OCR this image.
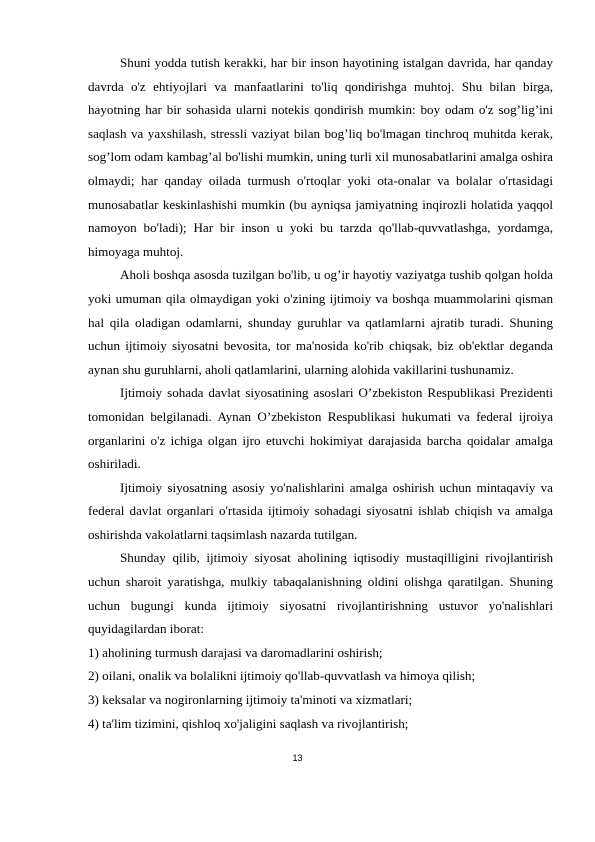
Shuni yodda tutish kerakki, har bir inson hayotining istalgan davrida, har qanday davrda o'z ehtiyojlari va manfaatlarini to'liq qondirishga muhtoj. Shu bilan birga, hayotning har bir sohasida ularni notekis qondirish mumkin: boy odam o'z sog’lig’ini saqlash va yaxshilash, stressli vaziyat bilan bog’liq bo'lmagan tinchroq muhitda kerak, sog’lom odam kambag’al bo'lishi mumkin, uning turli xil munosabatlarini amalga oshira olmaydi; har qanday oilada turmush o'rtoqlar yoki ota-onalar va bolalar o'rtasidagi munosabatlar keskinlashishi mumkin (bu ayniqsa jamiyatning inqirozli holatida yaqqol namoyon bo'ladi); Har bir inson u yoki bu tarzda qo'llab-quvvatlashga, yordamga, himoyaga muhtoj.

Aholi boshqa asosda tuzilgan bo'lib, u og’ir hayotiy vaziyatga tushib qolgan holda yoki umuman qila olmaydigan yoki o'zining ijtimoiy va boshqa muammolarini qisman hal qila oladigan odamlarni, shunday guruhlar va qatlamlarni ajratib turadi. Shuning uchun ijtimoiy siyosatni bevosita, tor ma'nosida ko'rib chiqsak, biz ob'ektlar deganda aynan shu guruhlarni, aholi qatlamlarini, ularning alohida vakillarini tushunamiz.

Ijtimoiy sohada davlat siyosatining asoslari O’zbekiston Respublikasi Prezidenti tomonidan belgilanadi. Aynan O’zbekiston Respublikasi hukumati va federal ijroiya organlarini o'z ichiga olgan ijro etuvchi hokimiyat darajasida barcha qoidalar amalga oshiriladi.

Ijtimoiy siyosatning asosiy yo'nalishlarini amalga oshirish uchun mintaqaviy va federal davlat organlari o'rtasida ijtimoiy sohadagi siyosatni ishlab chiqish va amalga oshirishda vakolatlarni taqsimlash nazarda tutilgan.

Shunday qilib, ijtimoiy siyosat aholining iqtisodiy mustaqilligini rivojlantirish uchun sharoit yaratishga, mulkiy tabaqalanishning oldini olishga qaratilgan. Shuning uchun bugungi kunda ijtimoiy siyosatni rivojlantirishning ustuvor yo'nalishlari quyidagilardan iborat:

1) aholining turmush darajasi va daromadlarini oshirish;
2) oilani, onalik va bolalikni ijtimoiy qo'llab-quvvatlash va himoya qilish;
3) keksalar va nogironlarning ijtimoiy ta'minoti va xizmatlari;
4) ta'lim tizimini, qishloq xo'jaligini saqlash va rivojlantirish;
13
